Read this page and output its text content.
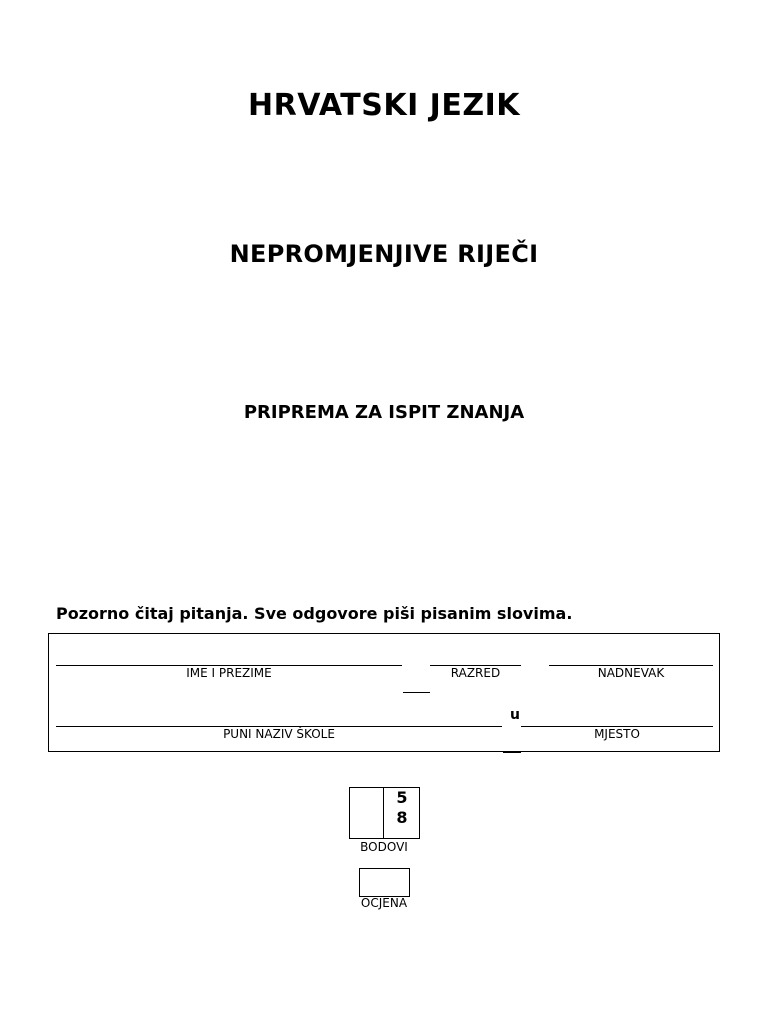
HRVATSKI JEZIK
NEPROMJENJIVE RIJEČI
PRIPREMA ZA ISPIT ZNANJA
Pozorno čitaj pitanja. Sve odgovore piši pisanim slovima.
IME I PREZIME	RAZRED	NADNEVAK
PUNI NAZIV ŠKOLE
u
MJESTO
5
8
BODOVI
OCJENA
